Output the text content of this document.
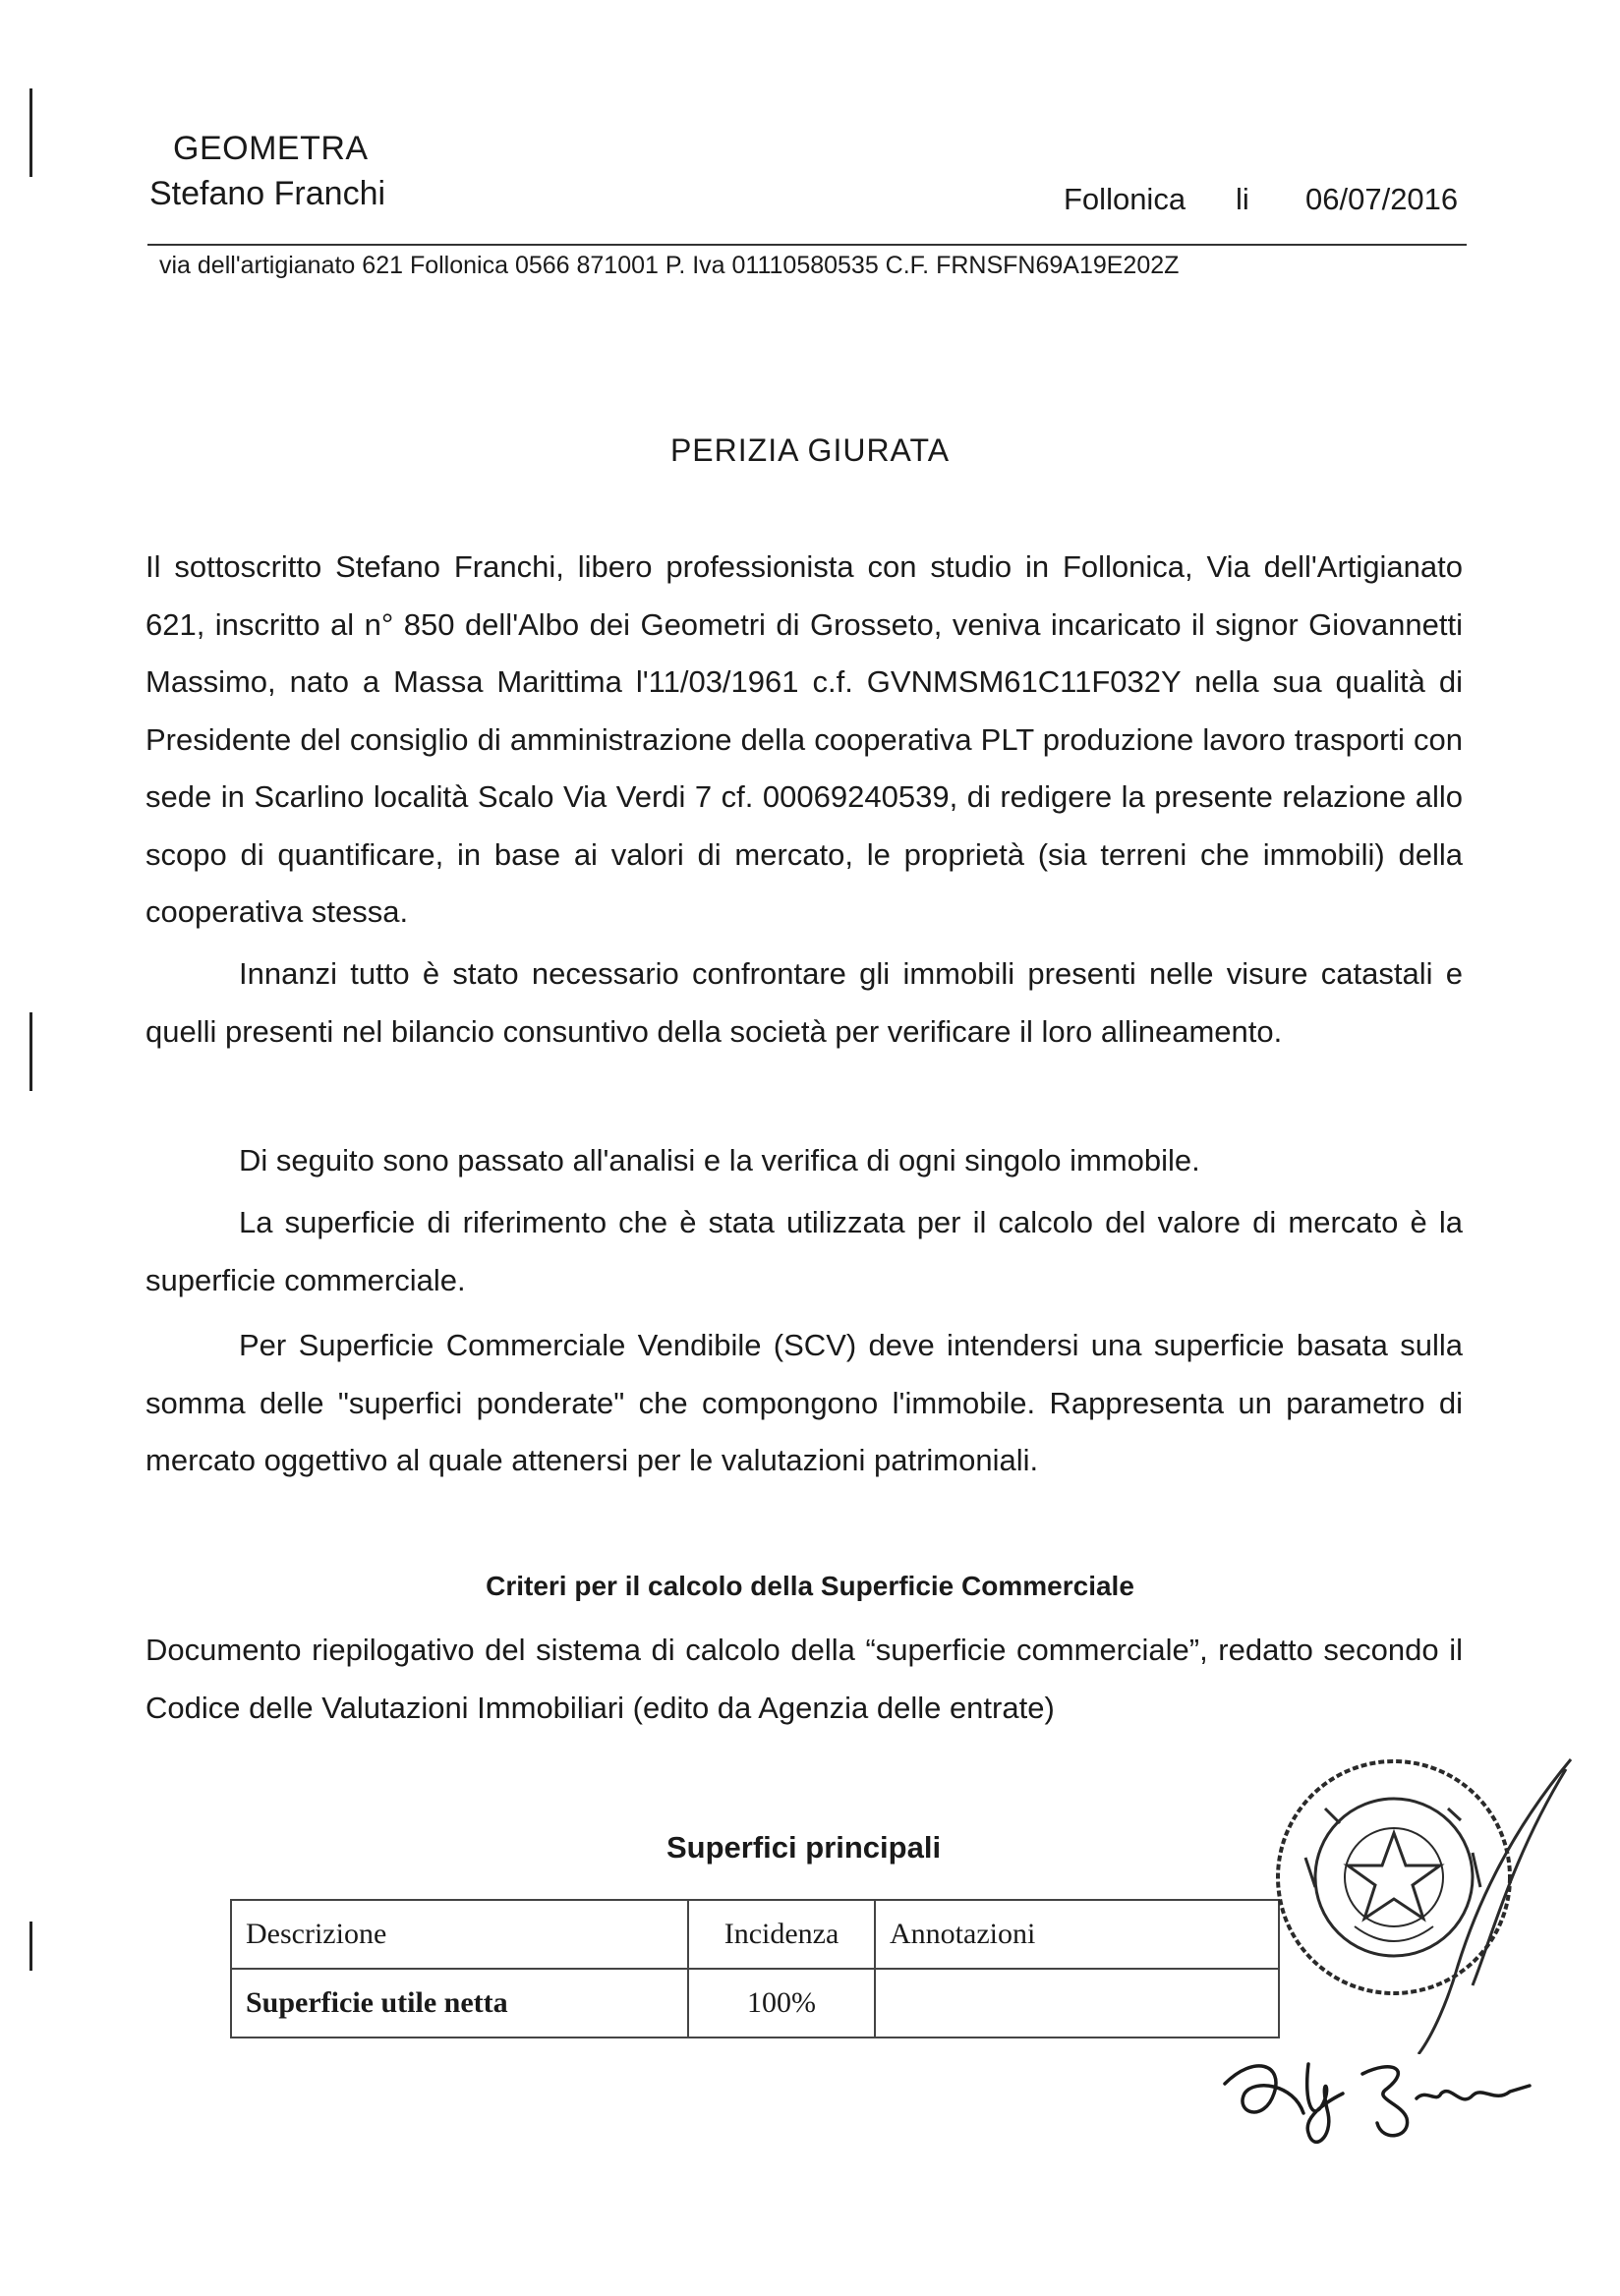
GEOMETRA
Stefano Franchi	Follonica li 06/07/2016
via dell'artigianato 621 Follonica 0566 871001 P. Iva 01110580535 C.F. FRNSFN69A19E202Z
PERIZIA GIURATA

Il sottoscritto Stefano Franchi, libero professionista con studio in Follonica, Via dell'Artigianato 621, inscritto al n° 850 dell'Albo dei Geometri di Grosseto, veniva incaricato il signor Giovannetti Massimo, nato a Massa Marittima l'11/03/1961 c.f. GVNMSM61C11F032Y nella sua qualità di Presidente del consiglio di amministrazione della cooperativa PLT produzione lavoro trasporti con sede in Scarlino località Scalo Via Verdi 7 cf. 00069240539, di redigere la presente relazione allo scopo di quantificare, in base ai valori di mercato, le proprietà (sia terreni che immobili) della cooperativa stessa.

Innanzi tutto è stato necessario confrontare gli immobili presenti nelle visure catastali e quelli presenti nel bilancio consuntivo della società per verificare il loro allineamento.

Di seguito sono passato all'analisi e la verifica di ogni singolo immobile.

La superficie di riferimento che è stata utilizzata per il calcolo del valore di mercato è la superficie commerciale.

Per Superficie Commerciale Vendibile (SCV) deve intendersi una superficie basata sulla somma delle "superfici ponderate" che compongono l'immobile. Rappresenta un parametro di mercato oggettivo al quale attenersi per le valutazioni patrimoniali.

Criteri per il calcolo della Superficie Commerciale

Documento riepilogativo del sistema di calcolo della “superficie commerciale”, redatto secondo il Codice delle Valutazioni Immobiliari (edito da Agenzia delle entrate)

Superfici principali
Descrizione	Incidenza	Annotazioni
Superficie utile netta	100%	
